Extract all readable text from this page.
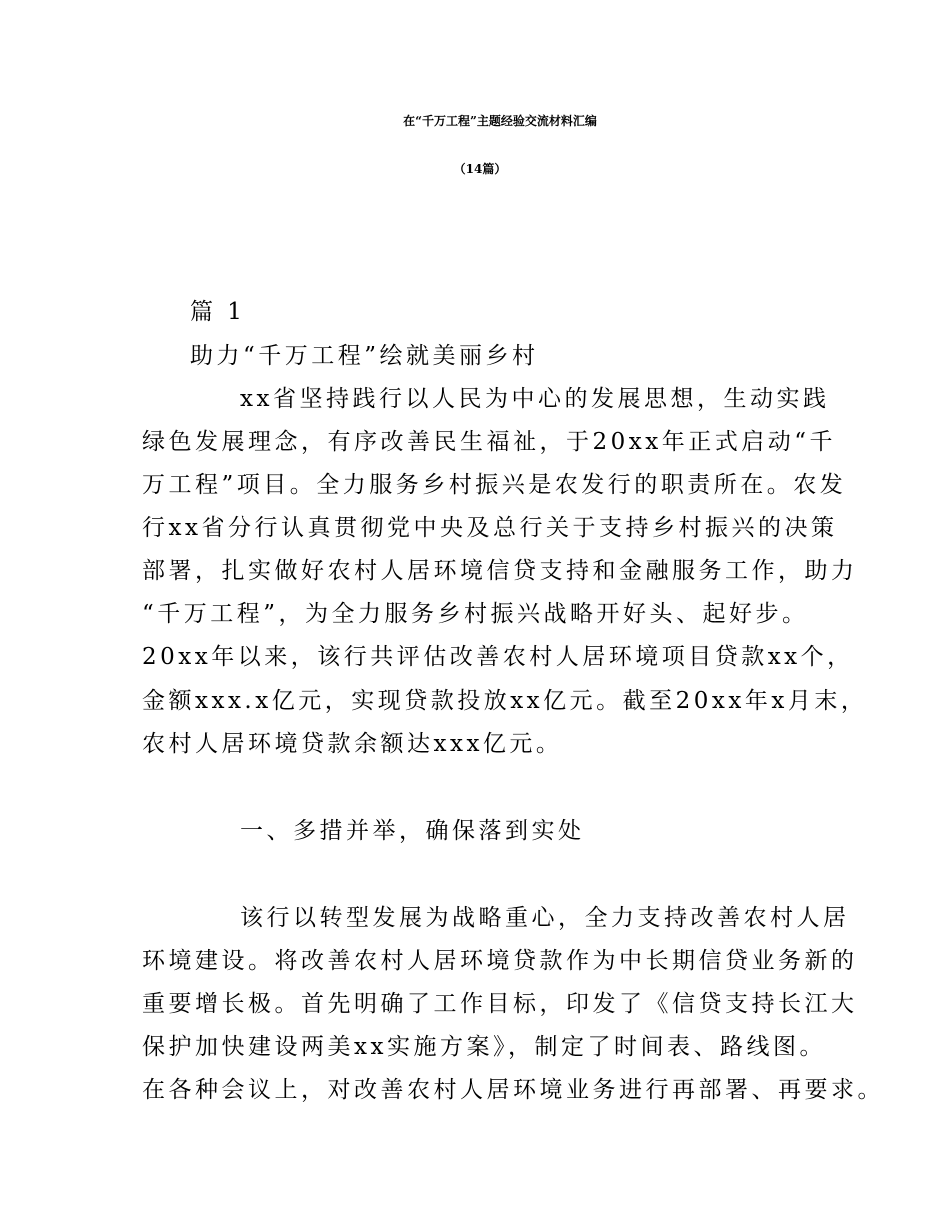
在“千万工程”主题经验交流材料汇编
（14篇）
篇 1
助力“千万工程”绘就美丽乡村
xx省坚持践行以人民为中心的发展思想，生动实践
绿色发展理念，有序改善民生福祉，于20xx年正式启动“千
万工程”项目。全力服务乡村振兴是农发行的职责所在。农发
行xx省分行认真贯彻党中央及总行关于支持乡村振兴的决策
部署，扎实做好农村人居环境信贷支持和金融服务工作，助力
“千万工程”，为全力服务乡村振兴战略开好头、起好步。
20xx年以来，该行共评估改善农村人居环境项目贷款xx个，
金额xxx.x亿元，实现贷款投放xx亿元。截至20xx年x月末，
农村人居环境贷款余额达xxx亿元。
一、多措并举，确保落到实处
该行以转型发展为战略重心，全力支持改善农村人居
环境建设。将改善农村人居环境贷款作为中长期信贷业务新的
重要增长极。首先明确了工作目标，印发了《信贷支持长江大
保护加快建设两美xx实施方案》，制定了时间表、路线图。
在各种会议上，对改善农村人居环境业务进行再部署、再要求。
